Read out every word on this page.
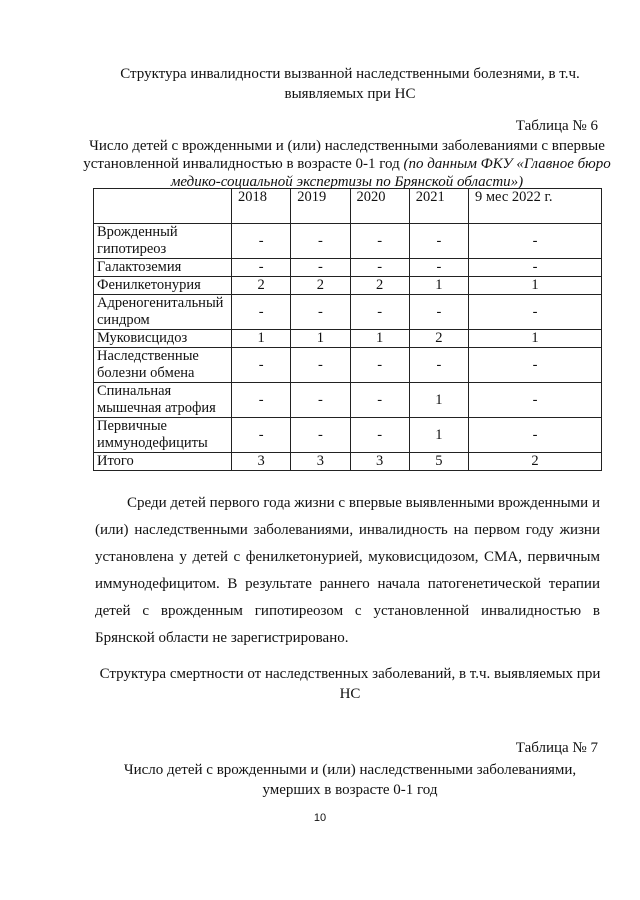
Структура инвалидности вызванной наследственными болезнями, в т.ч. выявляемых при НС
Таблица № 6
Число детей с врожденными и (или) наследственными заболеваниями с впервые установленной инвалидностью в возрасте 0-1 год (по данным ФКУ «Главное бюро медико-социальной экспертизы по Брянской области»)
	2018	2019	2020	2021	9 мес 2022 г.
Врожденный гипотиреоз	-	-	-	-	-
Галактоземия	-	-	-	-	-
Фенилкетонурия	2	2	2	1	1
Адреногенитальный синдром	-	-	-	-	-
Муковисцидоз	1	1	1	2	1
Наследственные болезни обмена	-	-	-	-	-
Спинальная мышечная атрофия	-	-	-	1	-
Первичные иммунодефициты	-	-	-	1	-
Итого	3	3	3	5	2

Среди детей первого года жизни с впервые выявленными врожденными и (или) наследственными заболеваниями, инвалидность на первом году жизни установлена у детей с фенилкетонурией, муковисцидозом, СМА, первичным иммунодефицитом. В результате раннего начала патогенетической терапии детей с врожденным гипотиреозом с установленной инвалидностью в Брянской области не зарегистрировано.

Структура смертности от наследственных заболеваний, в т.ч. выявляемых при НС
Таблица № 7
Число детей с врожденными и (или) наследственными заболеваниями, умерших в возрасте 0-1 год
10
